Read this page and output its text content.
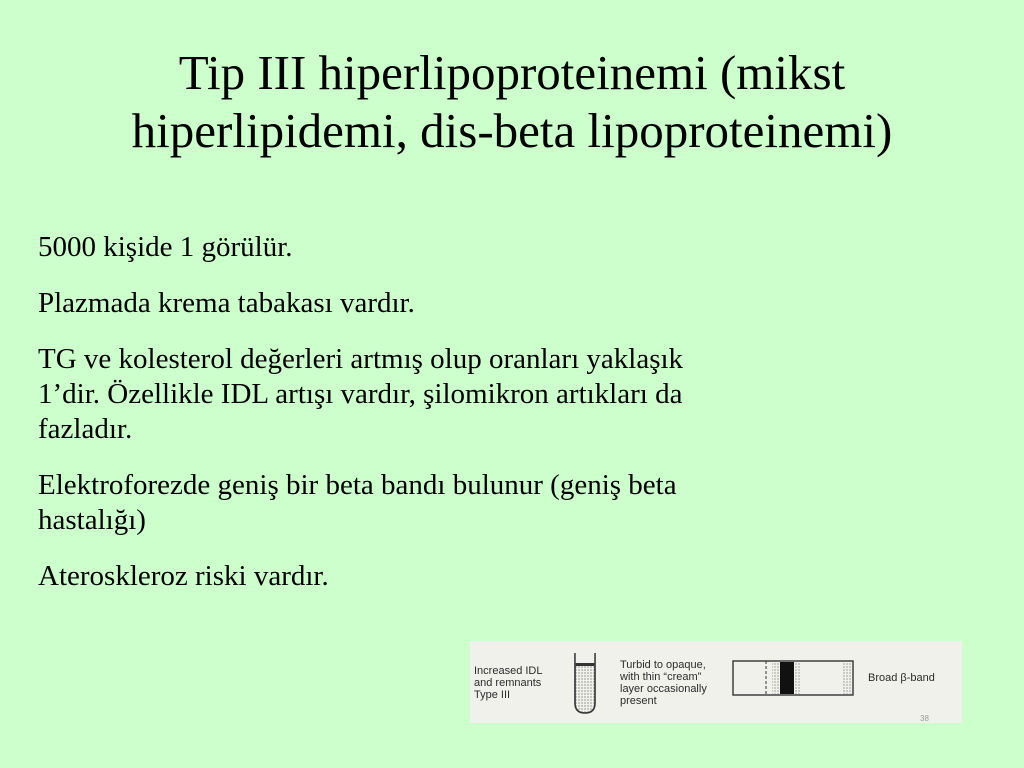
Tip III hiperlipoproteinemi (mikst
hiperlipidemi, dis-beta lipoproteinemi)

5000 kişide 1 görülür.

Plazmada krema tabakası vardır.

TG ve kolesterol değerleri artmış olup oranları yaklaşık
1’dir. Özellikle IDL artışı vardır, şilomikron artıkları da
fazladır.

Elektroforezde geniş bir beta bandı bulunur (geniş beta
hastalığı)

Ateroskleroz riski vardır.

Increased IDL
and remnants
Type III
Turbid to opaque,
with thin “cream”
layer occasionally
present
Broad β-band
38
